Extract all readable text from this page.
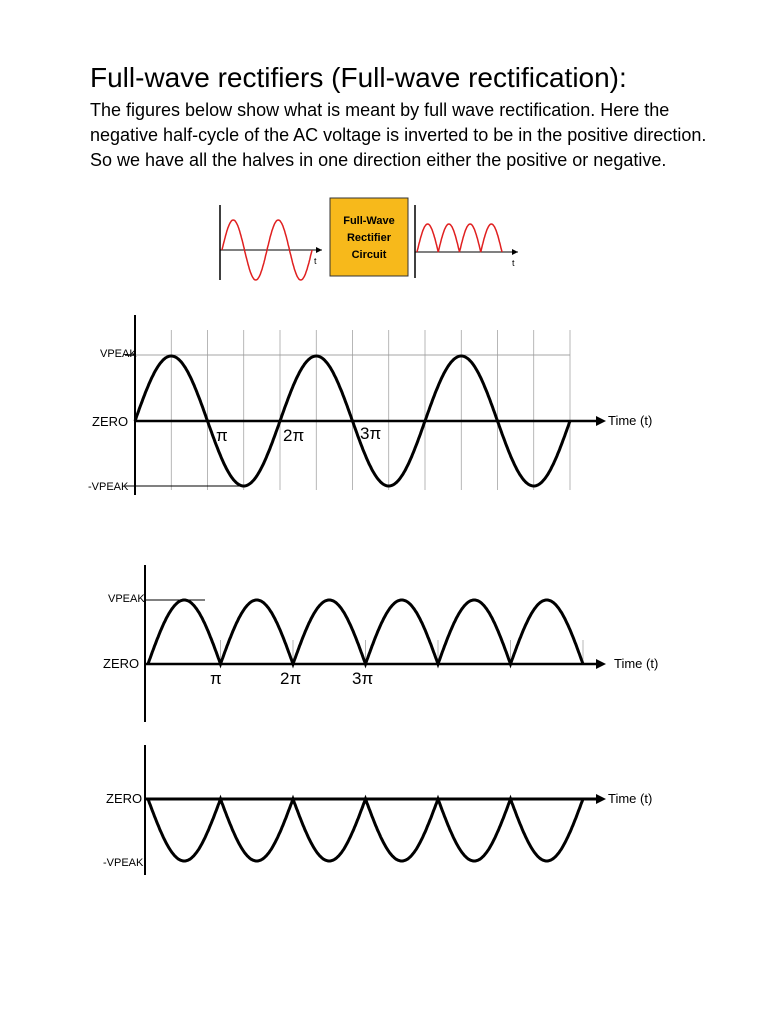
Full-wave rectifiers (Full-wave rectification):
The figures below show what is meant by full wave rectification. Here the negative half-cycle of the AC voltage is inverted to be in the positive direction. So we have all the halves in one direction either the positive or negative.
t
Full-Wave
Rectifier
Circuit
t
VPEAK
ZERO
-VPEAK
π	2π	3π
Time (t)
VPEAK
ZERO
π	2π	3π
Time (t)
ZERO
-VPEAK
Time (t)
